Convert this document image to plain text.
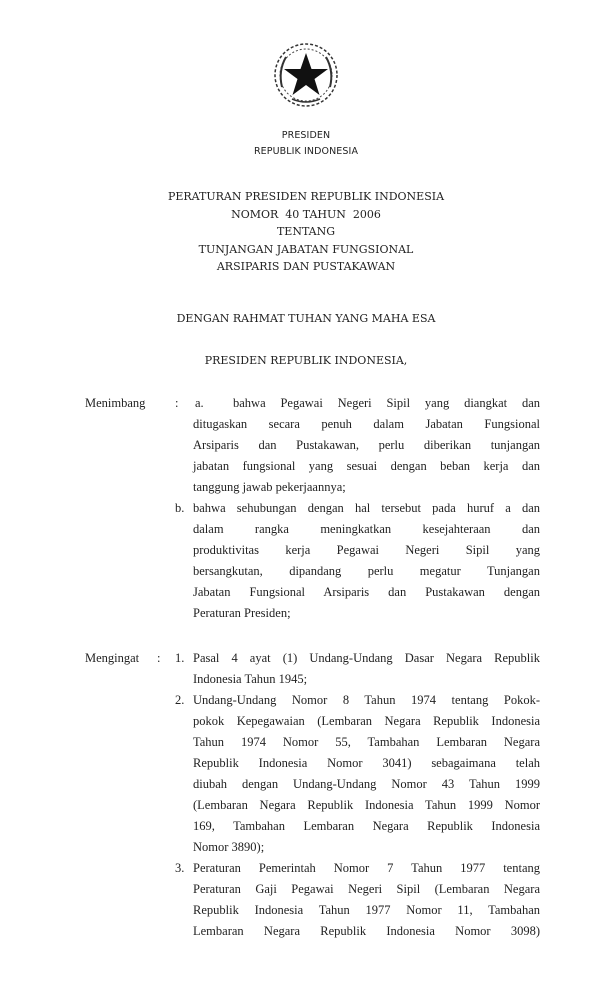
PRESIDEN
REPUBLIK INDONESIA
PERATURAN PRESIDEN REPUBLIK INDONESIA
NOMOR  40 TAHUN  2006
TENTANG
TUNJANGAN JABATAN FUNGSIONAL
ARSIPARIS DAN PUSTAKAWAN
DENGAN RAHMAT TUHAN YANG MAHA ESA
PRESIDEN REPUBLIK INDONESIA,
Menimbang : a. bahwa Pegawai Negeri Sipil yang diangkat dan
ditugaskan secara penuh dalam Jabatan Fungsional
Arsiparis dan Pustakawan, perlu diberikan tunjangan
jabatan fungsional yang sesuai dengan beban kerja dan
tanggung jawab pekerjaannya;
b. bahwa sehubungan dengan hal tersebut pada huruf a dan
dalam rangka meningkatkan kesejahteraan dan
produktivitas kerja Pegawai Negeri Sipil yang
bersangkutan, dipandang perlu megatur Tunjangan
Jabatan Fungsional Arsiparis dan Pustakawan dengan
Peraturan Presiden;
Mengingat : 1. Pasal 4 ayat (1) Undang-Undang Dasar Negara Republik
Indonesia Tahun 1945;
2. Undang-Undang Nomor 8 Tahun 1974 tentang Pokok-
pokok Kepegawaian (Lembaran Negara Republik Indonesia
Tahun 1974 Nomor 55, Tambahan Lembaran Negara
Republik Indonesia Nomor 3041) sebagaimana telah
diubah dengan Undang-Undang Nomor 43 Tahun 1999
(Lembaran Negara Republik Indonesia Tahun 1999 Nomor
169, Tambahan Lembaran Negara Republik Indonesia
Nomor 3890);
3. Peraturan Pemerintah Nomor 7 Tahun 1977 tentang
Peraturan Gaji Pegawai Negeri Sipil (Lembaran Negara
Republik Indonesia Tahun 1977 Nomor 11, Tambahan
Lembaran Negara Republik Indonesia Nomor 3098)
